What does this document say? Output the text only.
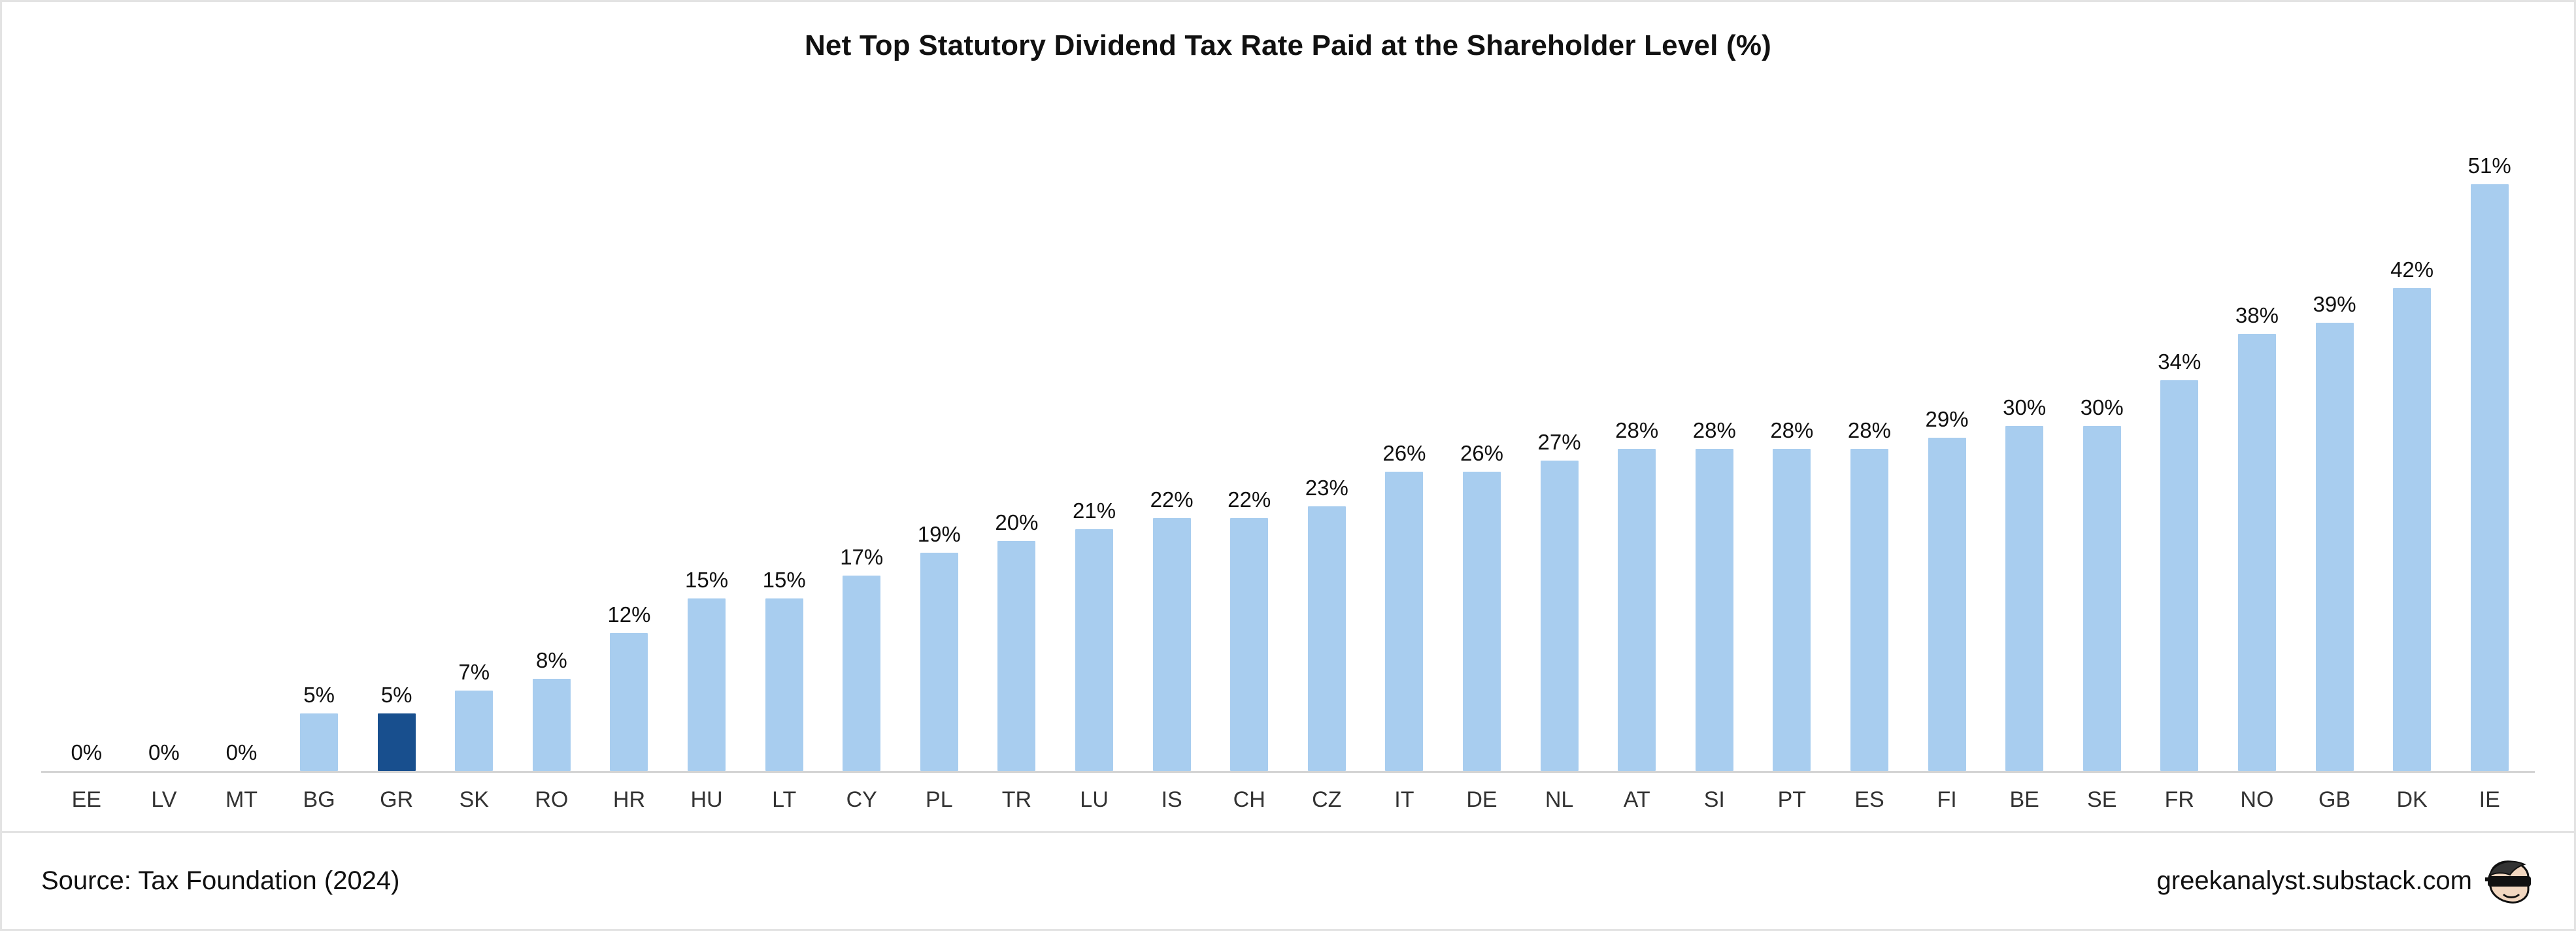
Net Top Statutory Dividend Tax Rate Paid at the Shareholder Level (%)
0% 0% 0%
5% 5%
7% 8%
12%
15% 15%
17%
19% 20% 21% 22% 22% 23%
26% 26% 27% 28% 28% 28% 28% 29% 30% 30%
34%
38% 39%
42%
51%
EE	LV	MT	BG	GR	SK	RO	HR	HU	LT	CY	PL	TR	LU	IS	CH	CZ	IT	DE	NL	AT	SI	PT	ES	FI	BE	SE	FR	NO	GB	DK	IE
Source: Tax Foundation (2024)	greekanalyst.substack.com
